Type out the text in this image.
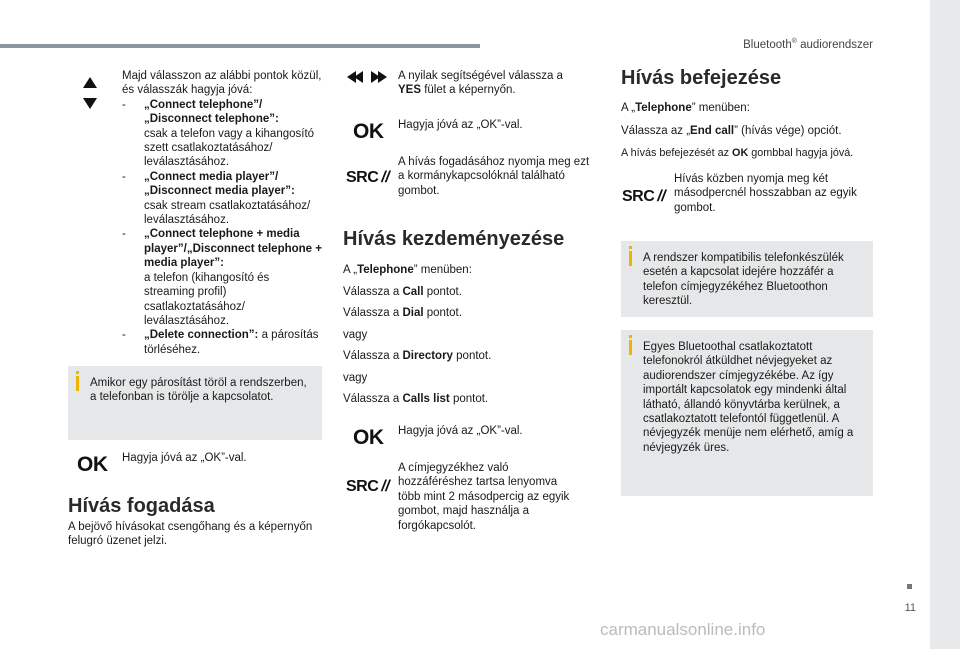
Bluetooth® audiorendszer
Majd válasszon az alábbi pontok közül, és válasszák hagyja jóvá:
- „Connect telephone”/ „Disconnect telephone”:
csak a telefon vagy a kihangosító szett csatlakoztatásához/ leválasztásához.
- „Connect media player”/ „Disconnect media player”:
csak stream csatlakoztatásához/ leválasztásához.
- „Connect telephone + media player”/„Disconnect telephone + media player”:
a telefon (kihangosító és streaming profil) csatlakoztatásához/ leválasztásához.
- „Delete connection”: a párosítás törléséhez.
Amikor egy párosítást töröl a rendszerben, a telefonban is törölje a kapcsolatot.
OK Hagyja jóvá az „OK”-val.

Hívás fogadása

A bejövő hívásokat csengőhang és a képernyőn felugró üzenet jelzi.

A nyilak segítségével válassza a YES fület a képernyőn.

OK Hagyja jóvá az „OK”-val.

SRC //

A hívás fogadásához nyomja meg ezt a kormánykapcsolóknál található gombot.

Hívás kezdeményezése
A „Telephone” menüben:
Válassza a Call pontot.
Válassza a Dial pontot.
vagy
Válassza a Directory pontot.
vagy
Válassza a Calls list pontot.
OK Hagyja jóvá az „OK”-val.

SRC //

A címjegyzékhez való hozzáféréshez tartsa lenyomva több mint 2 másodpercig az egyik gombot, majd használja a forgókapcsolót.

Hívás befejezése
A „Telephone” menüben:
Válassza az „End call” (hívás vége) opciót.
A hívás befejezését az OK gombbal hagyja jóvá.
SRC //

Hívás közben nyomja meg két másodpercnél hosszabban az egyik gombot.

A rendszer kompatibilis telefonkészülék esetén a kapcsolat idejére hozzáfér a telefon címjegyzékéhez Bluetoothon keresztül.
Egyes Bluetoothal csatlakoztatott telefonokról átküldhet névjegyeket az audiorendszer címjegyzékébe. Az így importált kapcsolatok egy mindenki által látható, állandó könyvtárba kerülnek, a csatlakoztatott telefontól függetlenül. A névjegyzék menüje nem elérhető, amíg a névjegyzék üres.
11
carmanualsonline.info
